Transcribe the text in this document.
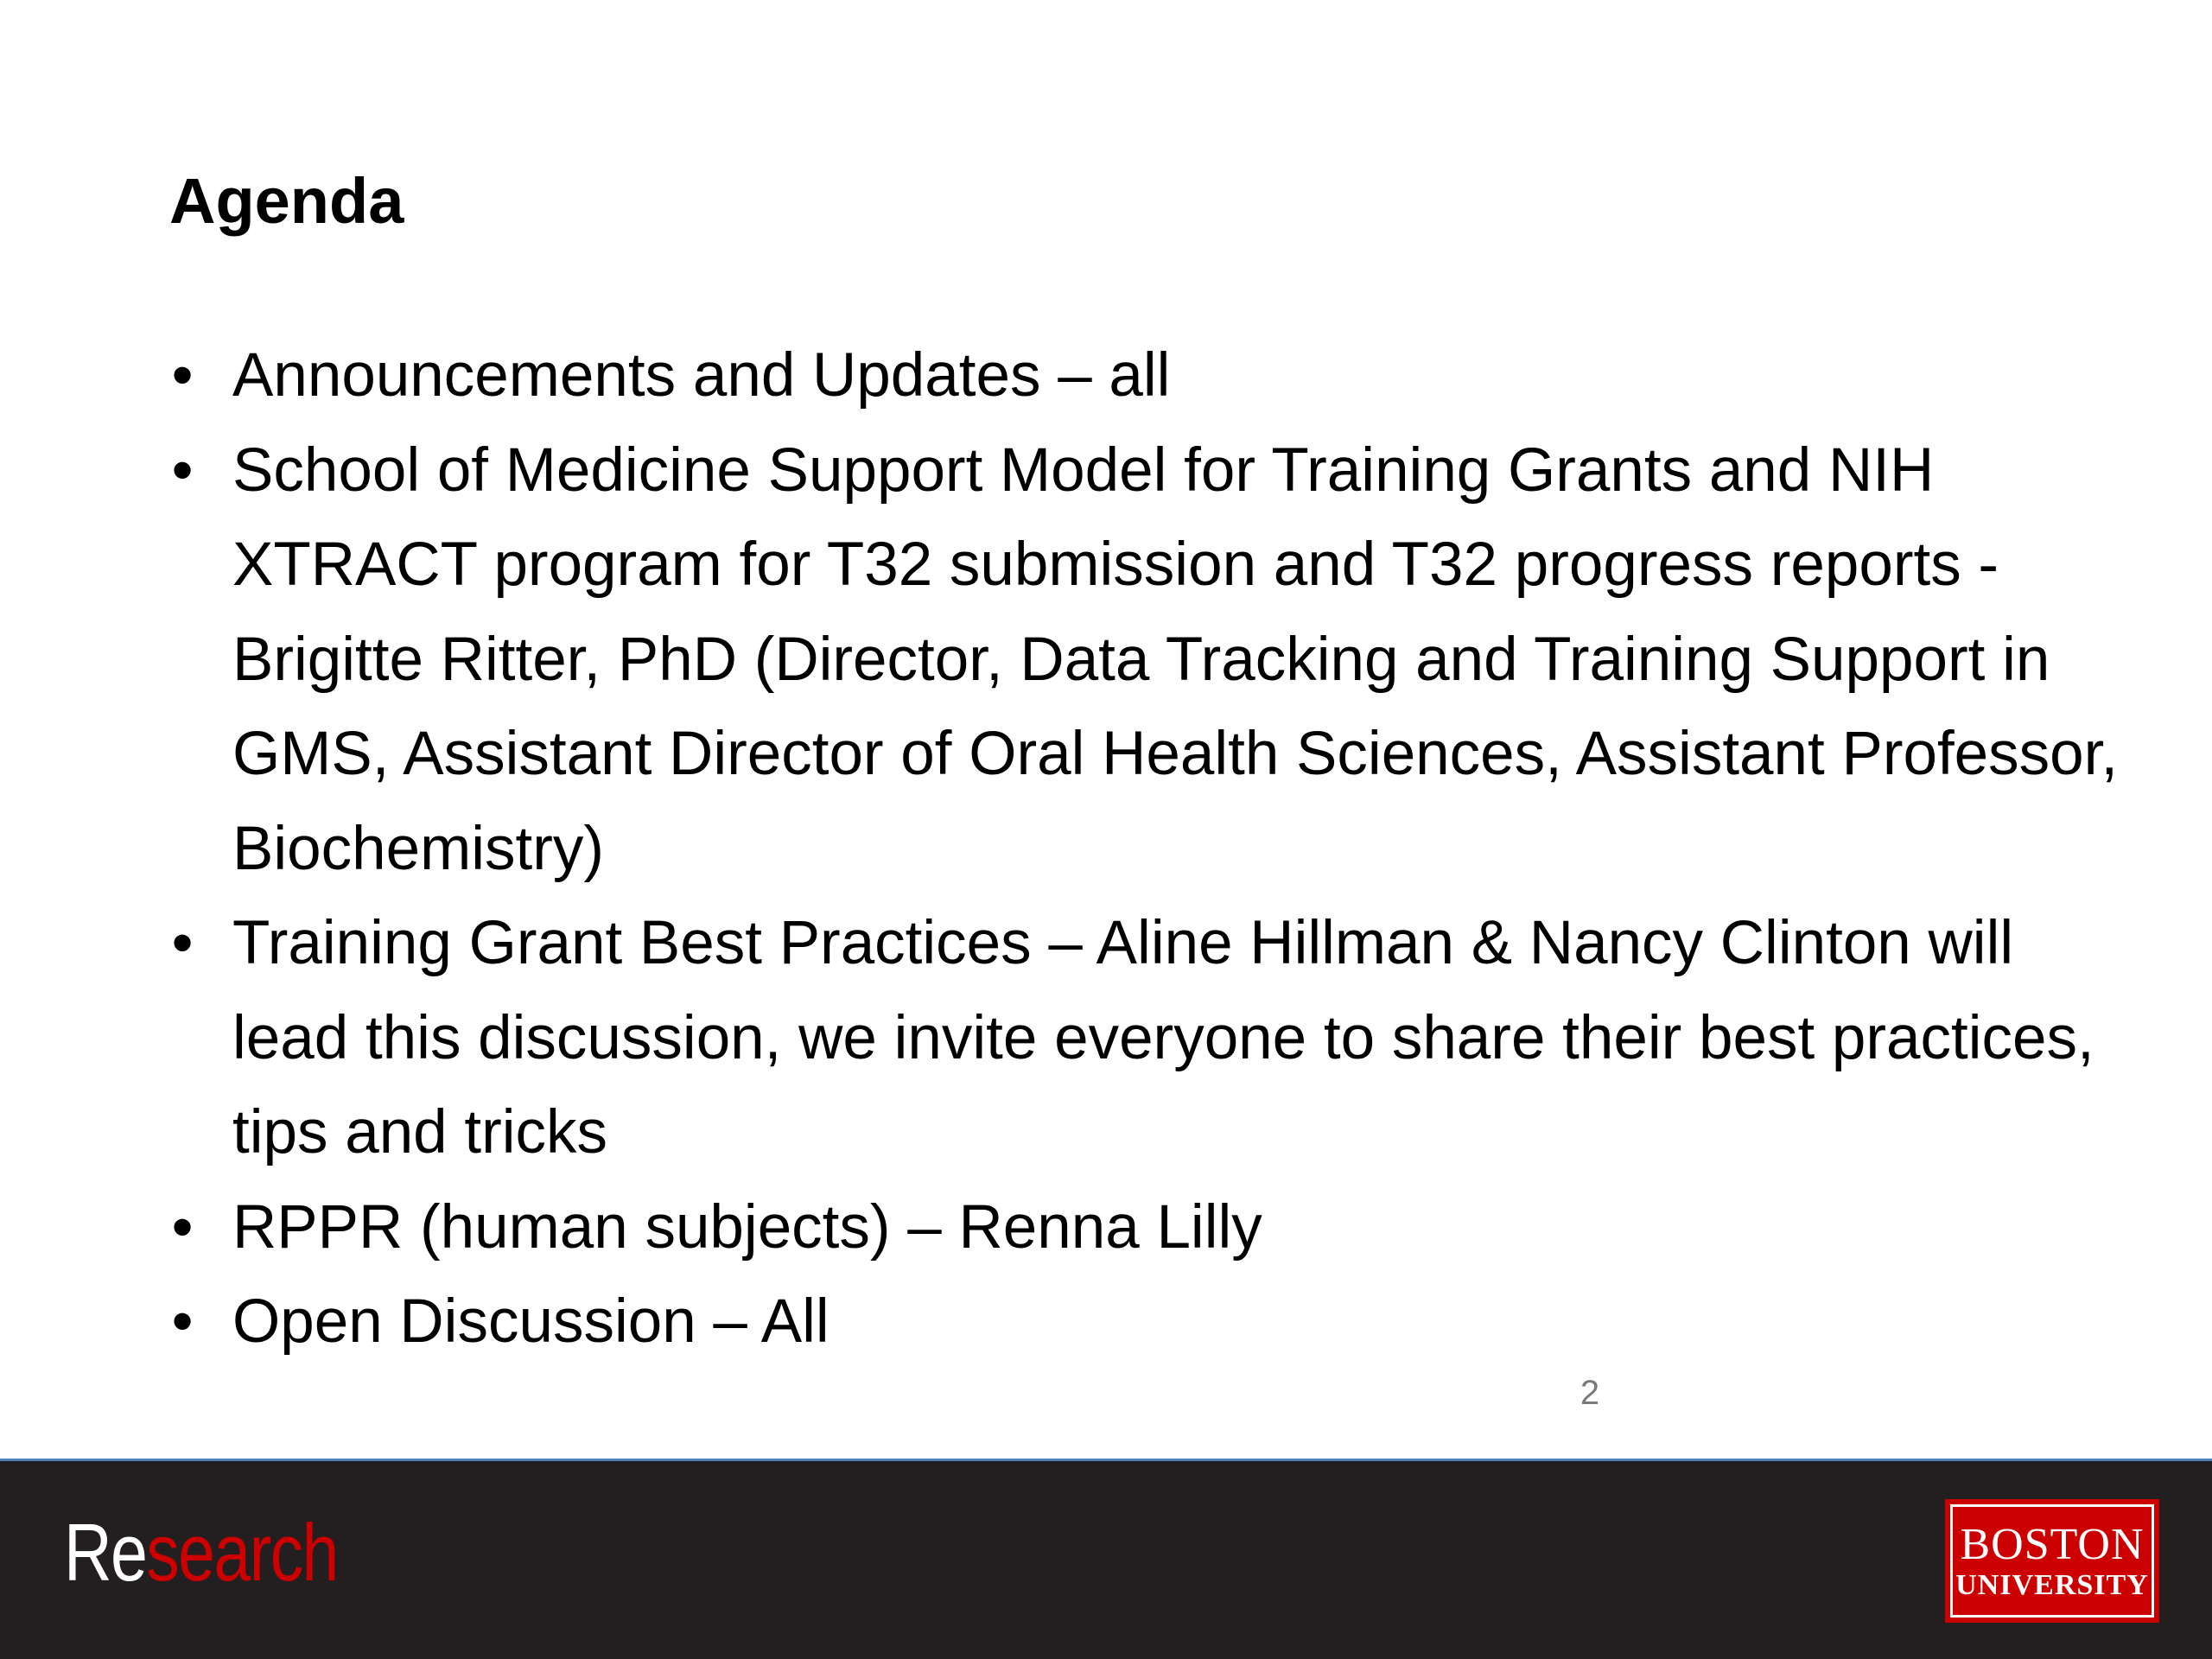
Agenda
• Announcements and Updates – all
• School of Medicine Support Model for Training Grants and NIH XTRACT program for T32 submission and T32 progress reports - Brigitte Ritter, PhD (Director, Data Tracking and Training Support in GMS, Assistant Director of Oral Health Sciences, Assistant Professor, Biochemistry)
• Training Grant Best Practices – Aline Hillman & Nancy Clinton will lead this discussion, we invite everyone to share their best practices, tips and tricks
• RPPR (human subjects) – Renna Lilly
• Open Discussion – All
2
Research	BOSTON
UNIVERSITY
